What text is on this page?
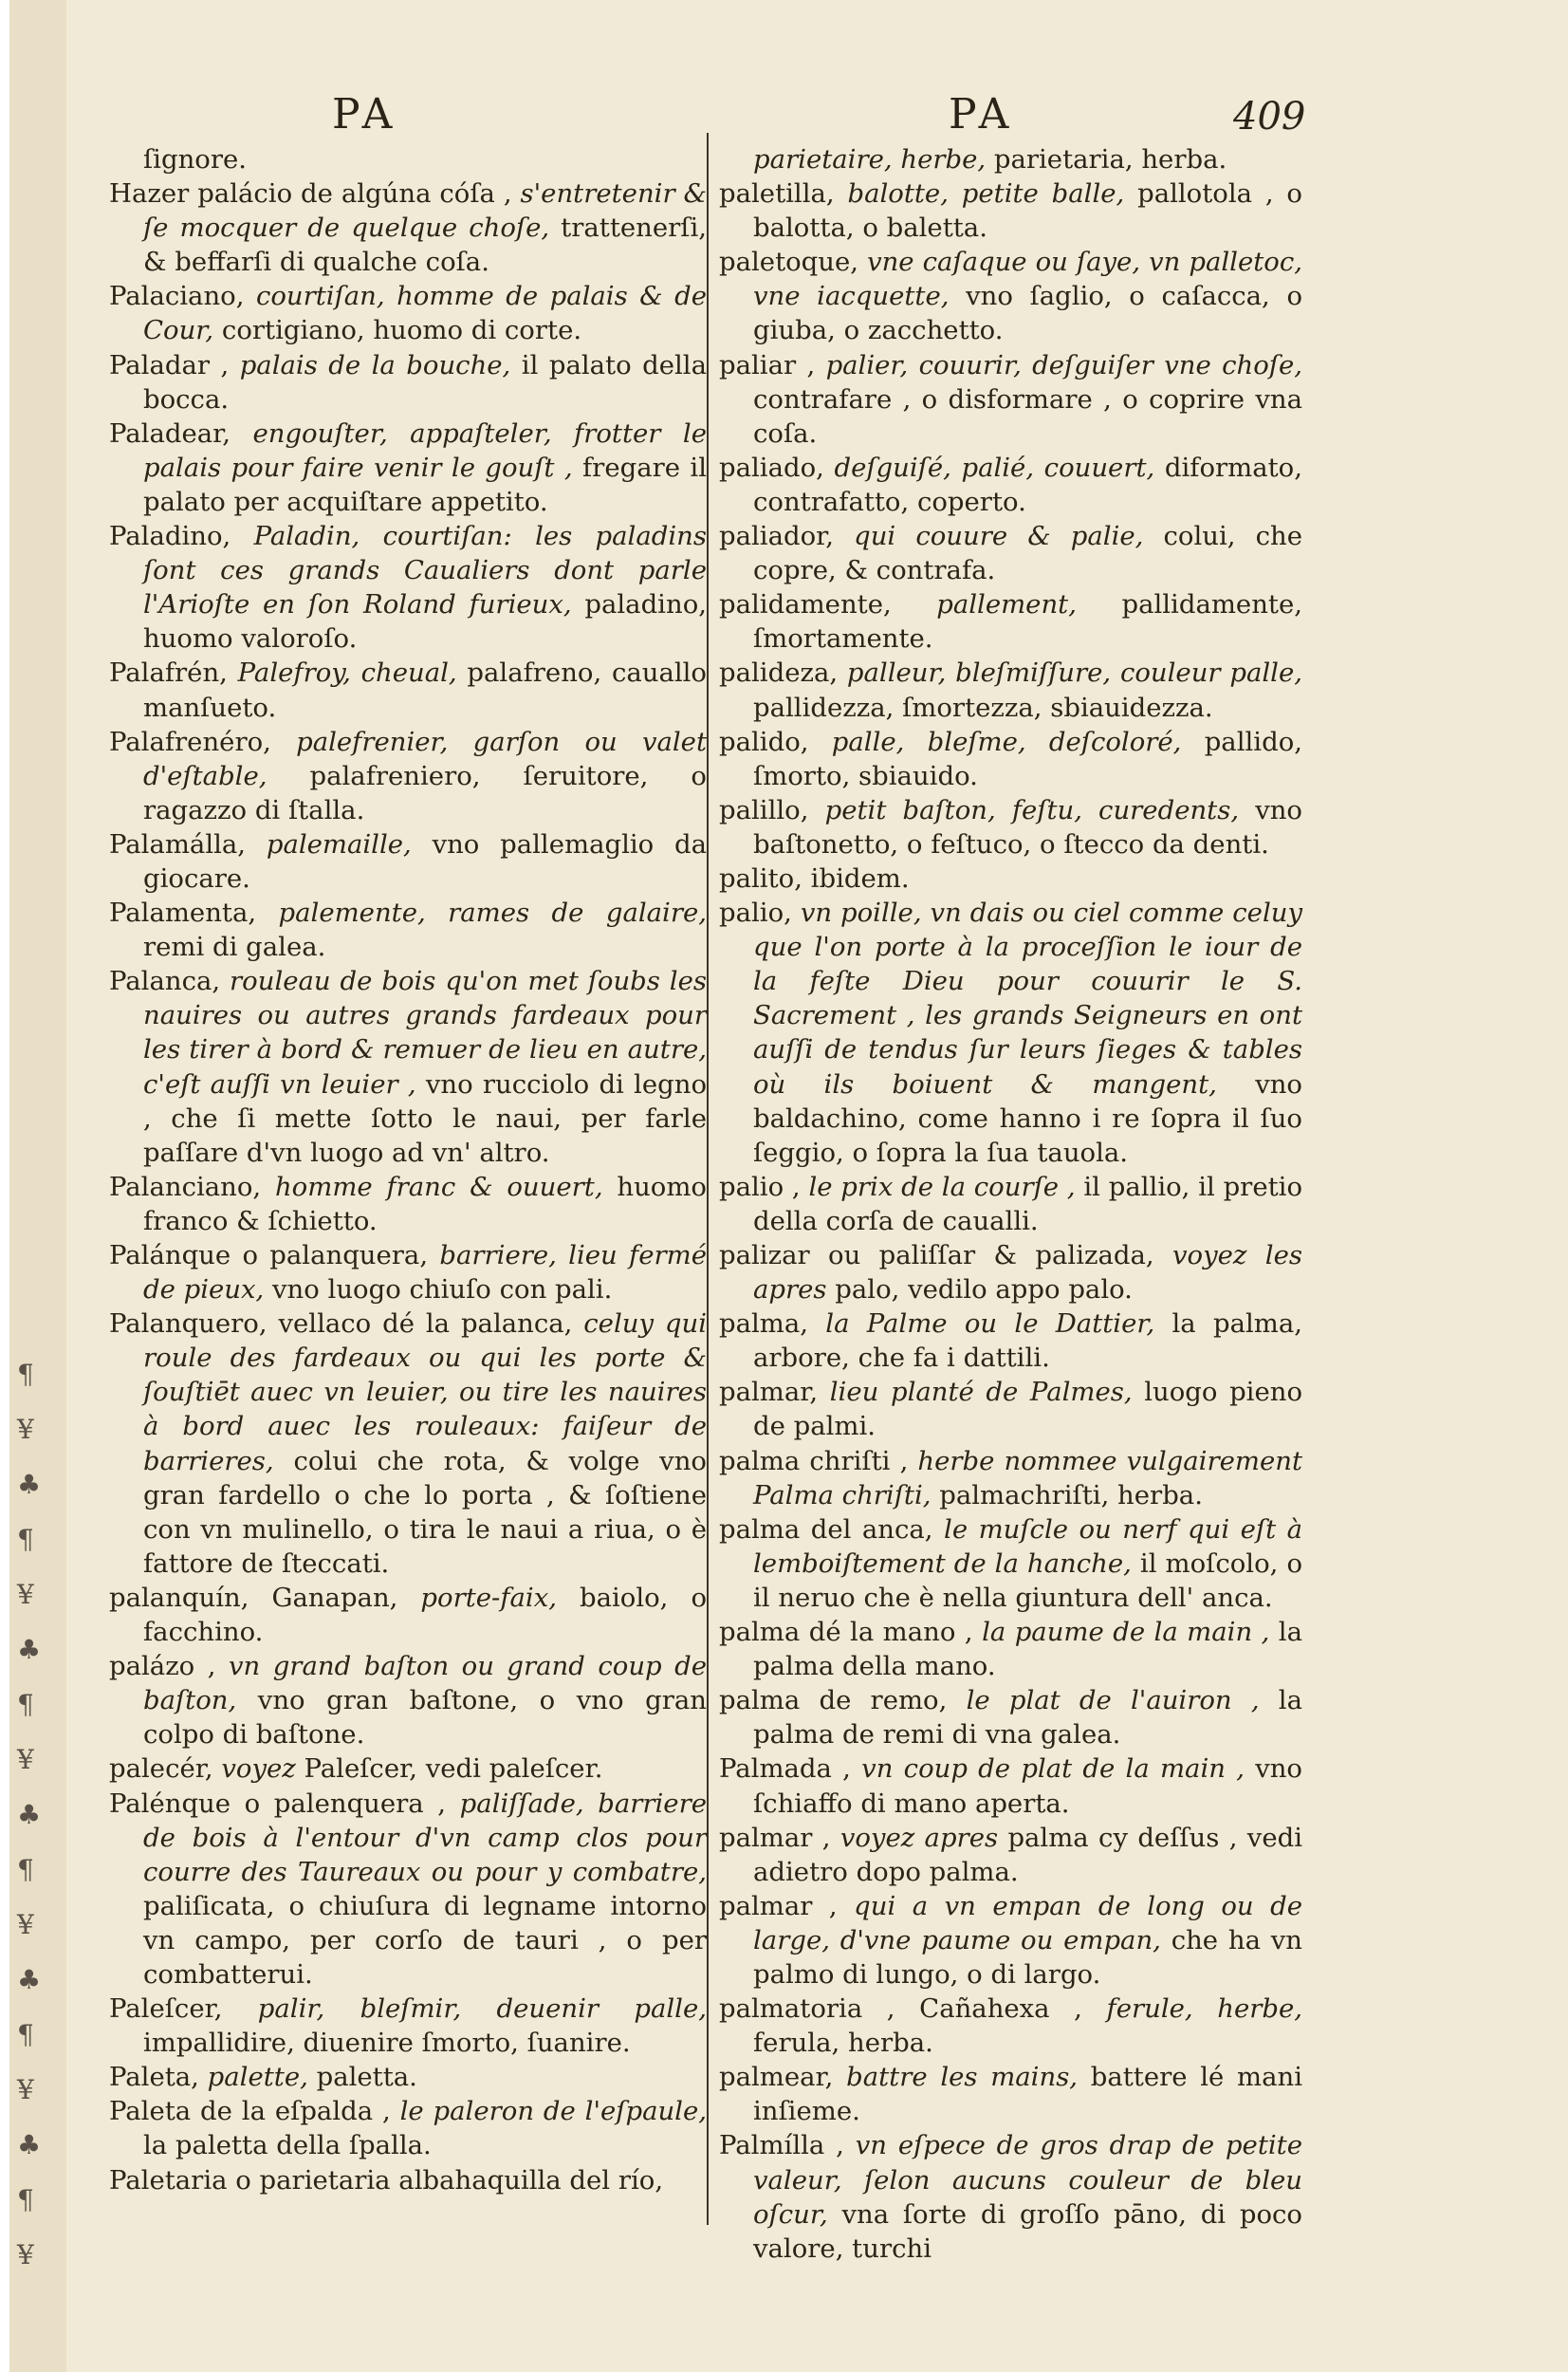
¶
¥
♣
¶
¥
♣
¶
¥
♣
¶
¥
♣
¶
¥
♣
¶
¥
PA	PA	409
ſignore.
Hazer palácio de algúna cóſa , s'entretenir & ſe mocquer de quelque choſe, trattenerſi, & beffarſi di qualche coſa.
Palaciano, courtiſan, homme de palais & de Cour, cortigiano, huomo di corte.
Paladar , palais de la bouche, il palato della bocca.
Paladear, engouſter, appaſteler, frotter le palais pour faire venir le gouſt , fregare il palato per acquiſtare appetito.
Paladino, Paladin, courtiſan: les paladins ſont ces grands Caualiers dont parle l'Arioſte en ſon Roland furieux, paladino, huomo valoroſo.
Palafrén, Palefroy, cheual, palafreno, cauallo manſueto.
Palafrenéro, palefrenier, garſon ou valet d'eſtable, palafreniero, ſeruitore, o ragazzo di ſtalla.
Palamálla, palemaille, vno pallemaglio da giocare.
Palamenta, palemente, rames de galaire, remi di galea.
Palanca, rouleau de bois qu'on met ſoubs les nauires ou autres grands fardeaux pour les tirer à bord & remuer de lieu en autre, c'eſt auſſi vn leuier , vno rucciolo di legno , che ſi mette ſotto le naui, per farle paſſare d'vn luogo ad vn' altro.
Palanciano, homme franc & ouuert, huomo franco & ſchietto.
Palánque o palanquera, barriere, lieu fermé de pieux, vno luogo chiuſo con pali.
Palanquero, vellaco dé la palanca, celuy qui roule des fardeaux ou qui les porte & ſouſtiēt auec vn leuier, ou tire les nauires à bord auec les rouleaux: faiſeur de barrieres, colui che rota, & volge vno gran fardello o che lo porta , & ſoſtiene con vn mulinello, o tira le naui a riua, o è fattore de ſteccati.
palanquín, Ganapan, porte-faix, baiolo, o facchino.
palázo , vn grand baſton ou grand coup de baſton, vno gran baſtone, o vno gran colpo di baſtone.
palecér, voyez Paleſcer, vedi paleſcer.
Palénque o palenquera , paliſſade, barriere de bois à l'entour d'vn camp clos pour courre des Taureaux ou pour y combatre, paliſicata, o chiuſura di legname intorno vn campo, per corſo de tauri , o per combatterui.
Paleſcer, palir, bleſmir, deuenir palle, impallidire, diuenire ſmorto, ſuanire.
Paleta, palette, paletta.
Paleta de la eſpalda , le paleron de l'eſpaule, la paletta della ſpalla.
Paletaria o parietaria albahaquilla del río,
parietaire, herbe, parietaria, herba.
paletilla, balotte, petite balle, pallotola , o balotta, o baletta.
paletoque, vne caſaque ou ſaye, vn palletoc, vne iacquette, vno ſaglio, o caſacca, o giuba, o zacchetto.
paliar , palier, couurir, deſguiſer vne choſe, contrafare , o disformare , o coprire vna coſa.
paliado, deſguiſé, palié, couuert, diformato, contrafatto, coperto.
paliador, qui couure & palie, colui, che copre, & contrafa.
palidamente, pallement, pallidamente, ſmortamente.
palideza, palleur, bleſmiſſure, couleur palle, pallidezza, ſmortezza, sbiauidezza.
palido, palle, bleſme, deſcoloré, pallido, ſmorto, sbiauido.
palillo, petit baſton, feſtu, curedents, vno baſtonetto, o feſtuco, o ſtecco da denti.
palito, ibidem.
palio, vn poille, vn dais ou ciel comme celuy que l'on porte à la proceſſion le iour de la feſte Dieu pour couurir le S. Sacrement , les grands Seigneurs en ont auſſi de tendus ſur leurs ſieges & tables où ils boiuent & mangent, vno baldachino, come hanno i re ſopra il ſuo ſeggio, o ſopra la ſua tauola.
palio , le prix de la courſe , il pallio, il pretio della corſa de caualli.
palizar ou paliſſar & palizada, voyez les apres palo, vedilo appo palo.
palma, la Palme ou le Dattier, la palma, arbore, che fa i dattili.
palmar, lieu planté de Palmes, luogo pieno de palmi.
palma chriſti , herbe nommee vulgairement Palma chriſti, palmachriſti, herba.
palma del anca, le muſcle ou nerf qui eſt à lemboiſtement de la hanche, il moſcolo, o il neruo che è nella giuntura dell' anca.
palma dé la mano , la paume de la main , la palma della mano.
palma de remo, le plat de l'auiron , la palma de remi di vna galea.
Palmada , vn coup de plat de la main , vno ſchiaffo di mano aperta.
palmar , voyez apres palma cy deſſus , vedi adietro dopo palma.
palmar , qui a vn empan de long ou de large, d'vne paume ou empan, che ha vn palmo di lungo, o di largo.
palmatoria , Cañahexa , ferule, herbe, ferula, herba.
palmear, battre les mains, battere lé mani inſieme.
Palmílla , vn eſpece de gros drap de petite valeur, ſelon aucuns couleur de bleu oſcur, vna ſorte di groſſo pāno, di poco valore, turchi
